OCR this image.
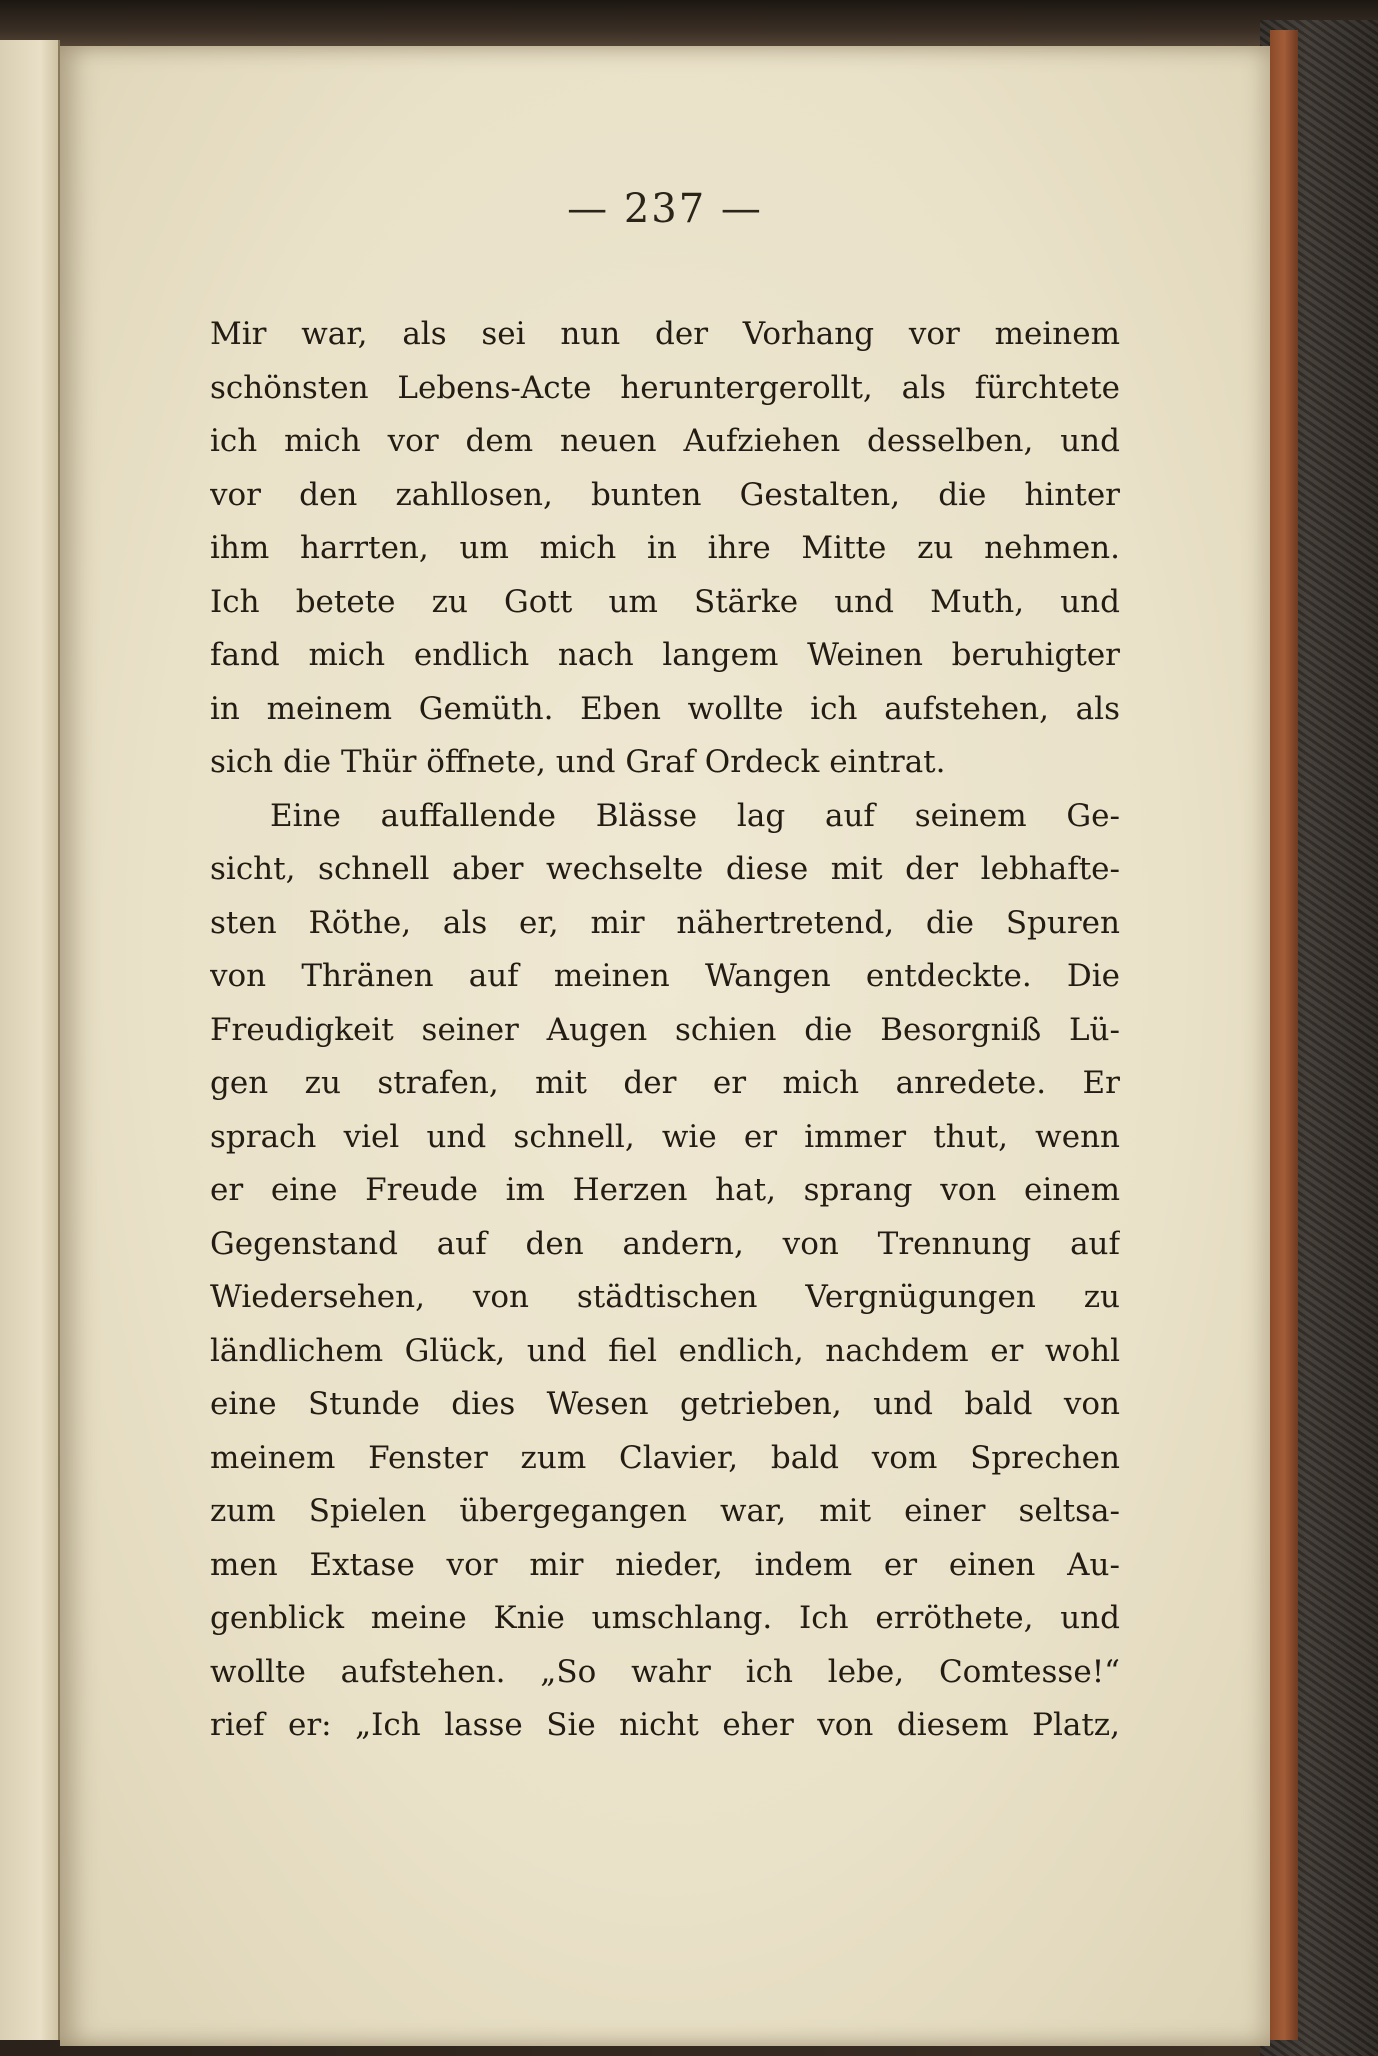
— 237 —
Mir war, als sei nun der Vorhang vor meinem
schönsten Lebens-Acte heruntergerollt, als fürchtete
ich mich vor dem neuen Aufziehen desselben, und
vor den zahllosen, bunten Gestalten, die hinter
ihm harrten, um mich in ihre Mitte zu nehmen.
Ich betete zu Gott um Stärke und Muth, und
fand mich endlich nach langem Weinen beruhigter
in meinem Gemüth. Eben wollte ich aufstehen, als
sich die Thür öffnete, und Graf Ordeck eintrat.
Eine auffallende Blässe lag auf seinem Ge-
sicht, schnell aber wechselte diese mit der lebhafte-
sten Röthe, als er, mir nähertretend, die Spuren
von Thränen auf meinen Wangen entdeckte. Die
Freudigkeit seiner Augen schien die Besorgniß Lü-
gen zu strafen, mit der er mich anredete. Er
sprach viel und schnell, wie er immer thut, wenn
er eine Freude im Herzen hat, sprang von einem
Gegenstand auf den andern, von Trennung auf
Wiedersehen, von städtischen Vergnügungen zu
ländlichem Glück, und fiel endlich, nachdem er wohl
eine Stunde dies Wesen getrieben, und bald von
meinem Fenster zum Clavier, bald vom Sprechen
zum Spielen übergegangen war, mit einer seltsa-
men Extase vor mir nieder, indem er einen Au-
genblick meine Knie umschlang. Ich erröthete, und
wollte aufstehen. „So wahr ich lebe, Comtesse!“
rief er: „Ich lasse Sie nicht eher von diesem Platz,
